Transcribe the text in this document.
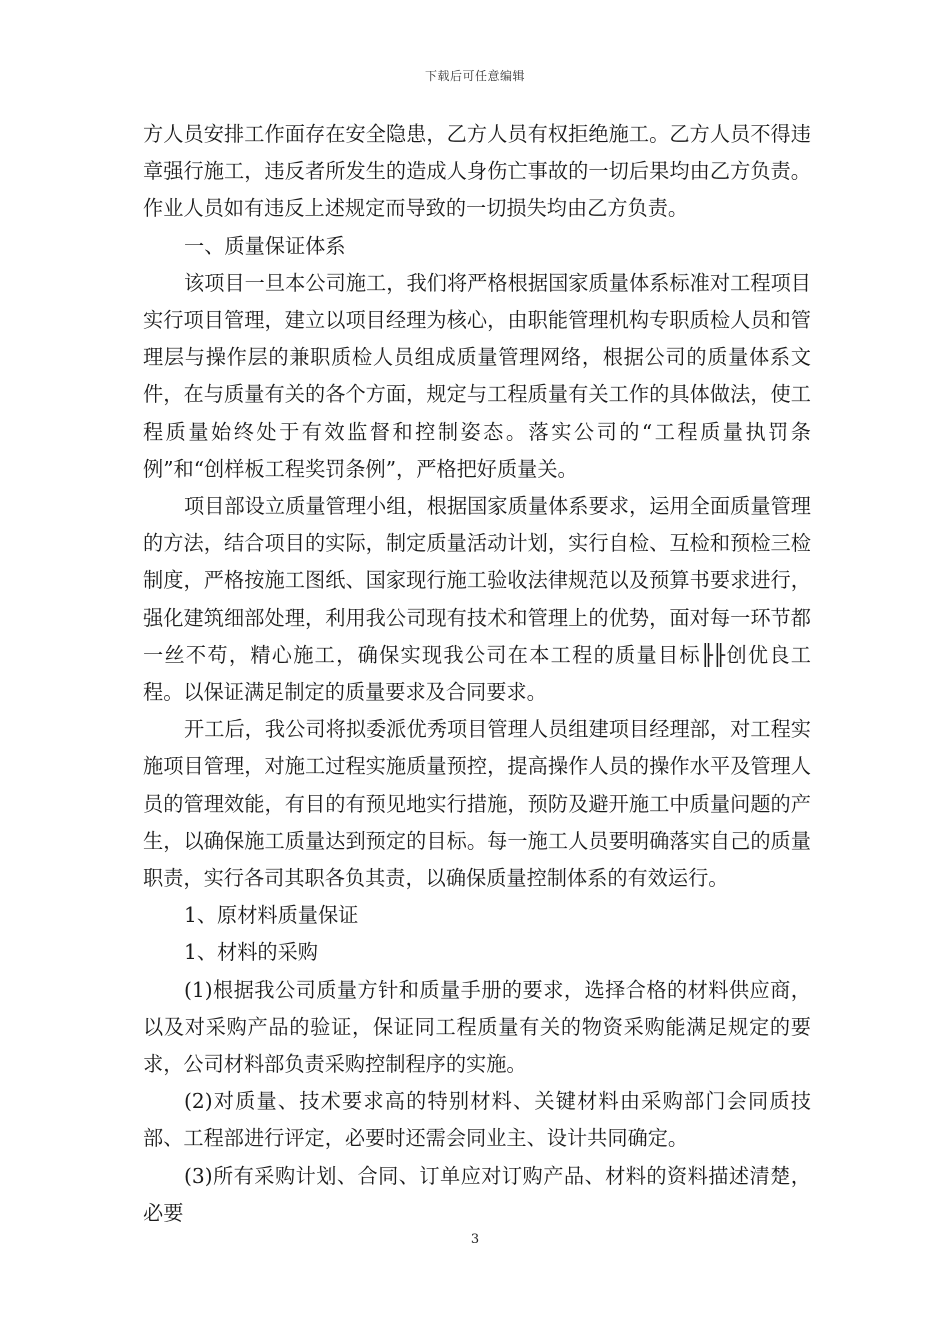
下载后可任意编辑

方人员安排工作面存在安全隐患，乙方人员有权拒绝施工。乙方人员不得违章强行施工，违反者所发生的造成人身伤亡事故的一切后果均由乙方负责。作业人员如有违反上述规定而导致的一切损失均由乙方负责。

一、质量保证体系

该项目一旦本公司施工，我们将严格根据国家质量体系标准对工程项目实行项目管理，建立以项目经理为核心，由职能管理机构专职质检人员和管理层与操作层的兼职质检人员组成质量管理网络，根据公司的质量体系文件，在与质量有关的各个方面，规定与工程质量有关工作的具体做法，使工程质量始终处于有效监督和控制姿态。落实公司的“工程质量执罚条例”和“创样板工程奖罚条例”，严格把好质量关。

项目部设立质量管理小组，根据国家质量体系要求，运用全面质量管理的方法，结合项目的实际，制定质量活动计划，实行自检、互检和预检三检制度，严格按施工图纸、国家现行施工验收法律规范以及预算书要求进行，强化建筑细部处理，利用我公司现有技术和管理上的优势，面对每一环节都一丝不苟，精心施工，确保实现我公司在本工程的质量目标╟╟创优良工程。以保证满足制定的质量要求及合同要求。

开工后，我公司将拟委派优秀项目管理人员组建项目经理部，对工程实施项目管理，对施工过程实施质量预控，提高操作人员的操作水平及管理人员的管理效能，有目的有预见地实行措施，预防及避开施工中质量问题的产生，以确保施工质量达到预定的目标。每一施工人员要明确落实自己的质量职责，实行各司其职各负其责，以确保质量控制体系的有效运行。

1、原材料质量保证

1、材料的采购

(1)根据我公司质量方针和质量手册的要求，选择合格的材料供应商，以及对采购产品的验证，保证同工程质量有关的物资采购能满足规定的要求，公司材料部负责采购控制程序的实施。

(2)对质量、技术要求高的特别材料、关键材料由采购部门会同质技部、工程部进行评定，必要时还需会同业主、设计共同确定。

(3)所有采购计划、合同、订单应对订购产品、材料的资料描述清楚，必要

3
